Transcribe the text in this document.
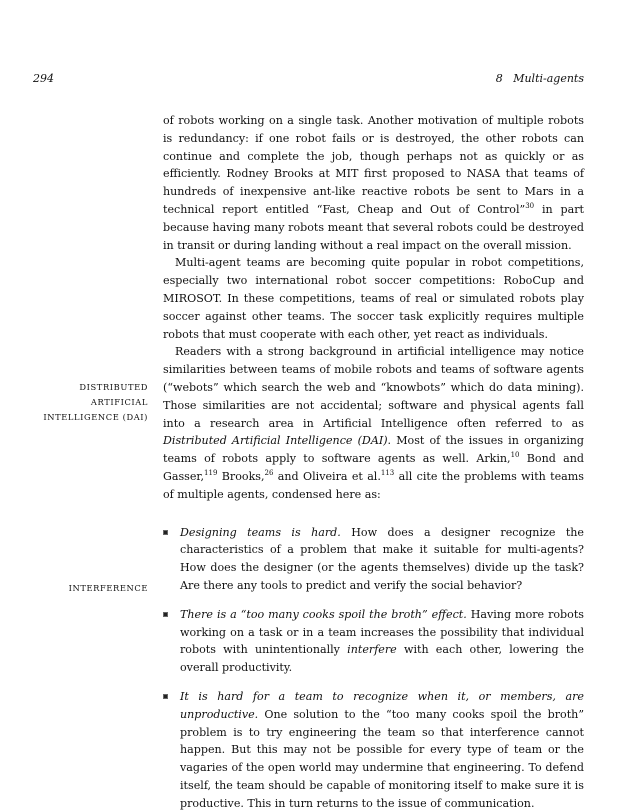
294	8   Multi-agents
DISTRIBUTED ARTIFICIAL INTELLIGENCE (DAI)
INTERFERENCE

of robots working on a single task. Another motivation of multiple robots is redundancy: if one robot fails or is destroyed, the other robots can continue and complete the job, though perhaps not as quickly or as efficiently. Rodney Brooks at MIT first proposed to NASA that teams of hundreds of inexpensive ant-like reactive robots be sent to Mars in a technical report entitled “Fast, Cheap and Out of Control”$^{30}$ in part because having many robots meant that several robots could be destroyed in transit or during landing without a real impact on the overall mission.

Multi-agent teams are becoming quite popular in robot competitions, especially two international robot soccer competitions: RoboCup and MIROSOT. In these competitions, teams of real or simulated robots play soccer against other teams. The soccer task explicitly requires multiple robots that must cooperate with each other, yet react as individuals.

Readers with a strong background in artificial intelligence may notice similarities between teams of mobile robots and teams of software agents (“webots” which search the web and “knowbots” which do data mining). Those similarities are not accidental; software and physical agents fall into a research area in Artificial Intelligence often referred to as Distributed Artificial Intelligence (DAI). Most of the issues in organizing teams of robots apply to software agents as well. Arkin,$^{10}$ Bond and Gasser,$^{119}$ Brooks,$^{26}$ and Oliveira et al.$^{113}$ all cite the problems with teams of multiple agents, condensed here as:

Designing teams is hard. How does a designer recognize the characteristics of a problem that make it suitable for multi-agents? How does the designer (or the agents themselves) divide up the task? Are there any tools to predict and verify the social behavior?
There is a “too many cooks spoil the broth” effect. Having more robots working on a task or in a team increases the possibility that individual robots with unintentionally interfere with each other, lowering the overall productivity.
It is hard for a team to recognize when it, or members, are unproductive. One solution to the “too many cooks spoil the broth” problem is to try engineering the team so that interference cannot happen. But this may not be possible for every type of team or the vagaries of the open world may undermine that engineering. To defend itself, the team should be capable of monitoring itself to make sure it is productive. This in turn returns to the issue of communication.
